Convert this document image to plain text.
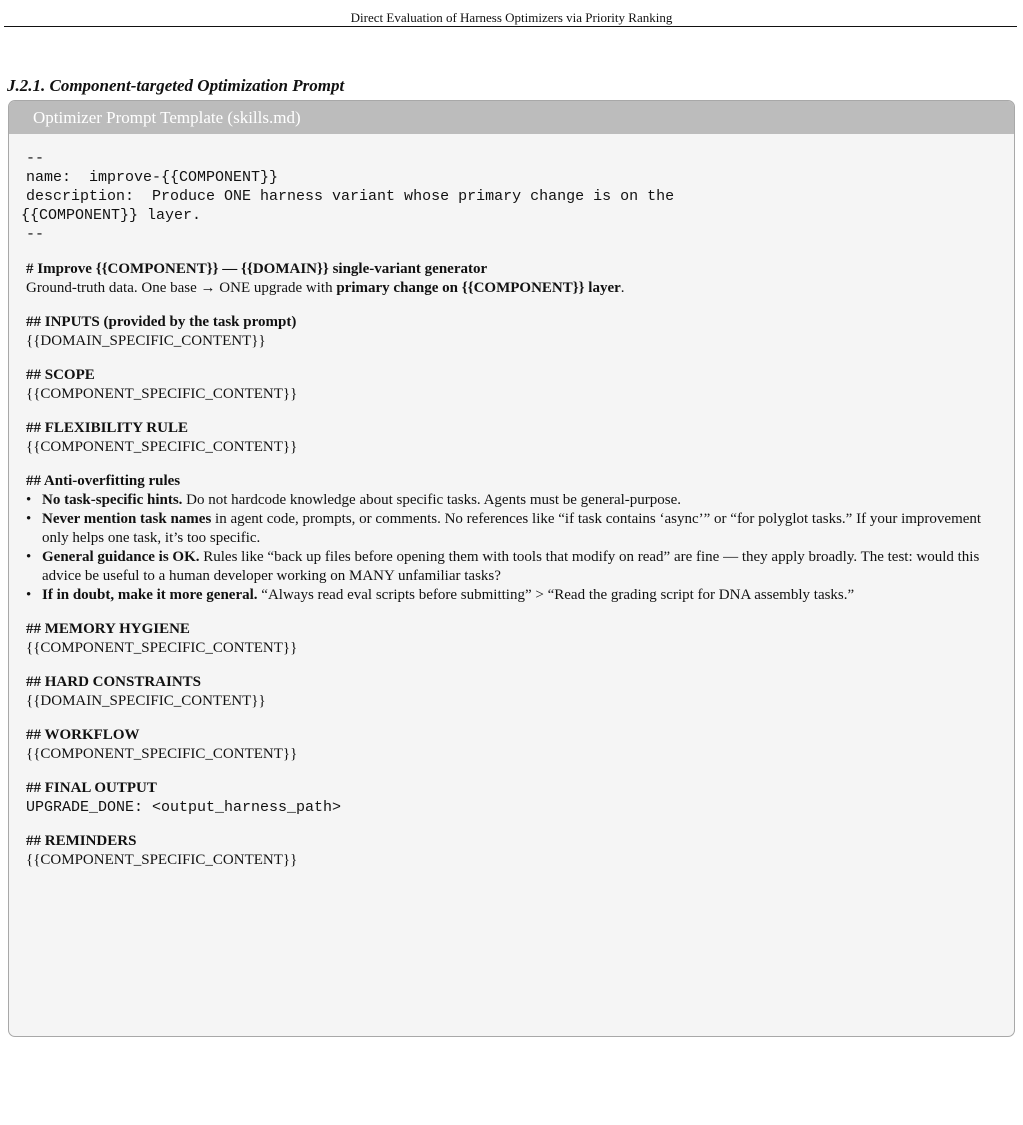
Direct Evaluation of Harness Optimizers via Priority Ranking
J.2.1. Component-targeted Optimization Prompt
Optimizer Prompt Template (skills.md)
--
name:  improve-{{COMPONENT}}
description:  Produce ONE harness variant whose primary change is on the
{{COMPONENT}} layer.
--
# Improve {{COMPONENT}} — {{DOMAIN}} single-variant generator
Ground-truth data. One base → ONE upgrade with primary change on {{COMPONENT}} layer.
## INPUTS (provided by the task prompt)
{{DOMAIN_SPECIFIC_CONTENT}}
## SCOPE
{{COMPONENT_SPECIFIC_CONTENT}}
## FLEXIBILITY RULE
{{COMPONENT_SPECIFIC_CONTENT}}
## Anti-overfitting rules
• No task-specific hints. Do not hardcode knowledge about specific tasks. Agents must be general-purpose.
• Never mention task names in agent code, prompts, or comments. No references like “if task contains ‘async’” or “for polyglot tasks.” If your improvement only helps one task, it’s too specific.
• General guidance is OK. Rules like “back up files before opening them with tools that modify on read” are fine — they apply broadly. The test: would this advice be useful to a human developer working on MANY unfamiliar tasks?
• If in doubt, make it more general. “Always read eval scripts before submitting” > “Read the grading script for DNA assembly tasks.”
## MEMORY HYGIENE
{{COMPONENT_SPECIFIC_CONTENT}}
## HARD CONSTRAINTS
{{DOMAIN_SPECIFIC_CONTENT}}
## WORKFLOW
{{COMPONENT_SPECIFIC_CONTENT}}
## FINAL OUTPUT
UPGRADE_DONE: <output_harness_path>
## REMINDERS
{{COMPONENT_SPECIFIC_CONTENT}}
